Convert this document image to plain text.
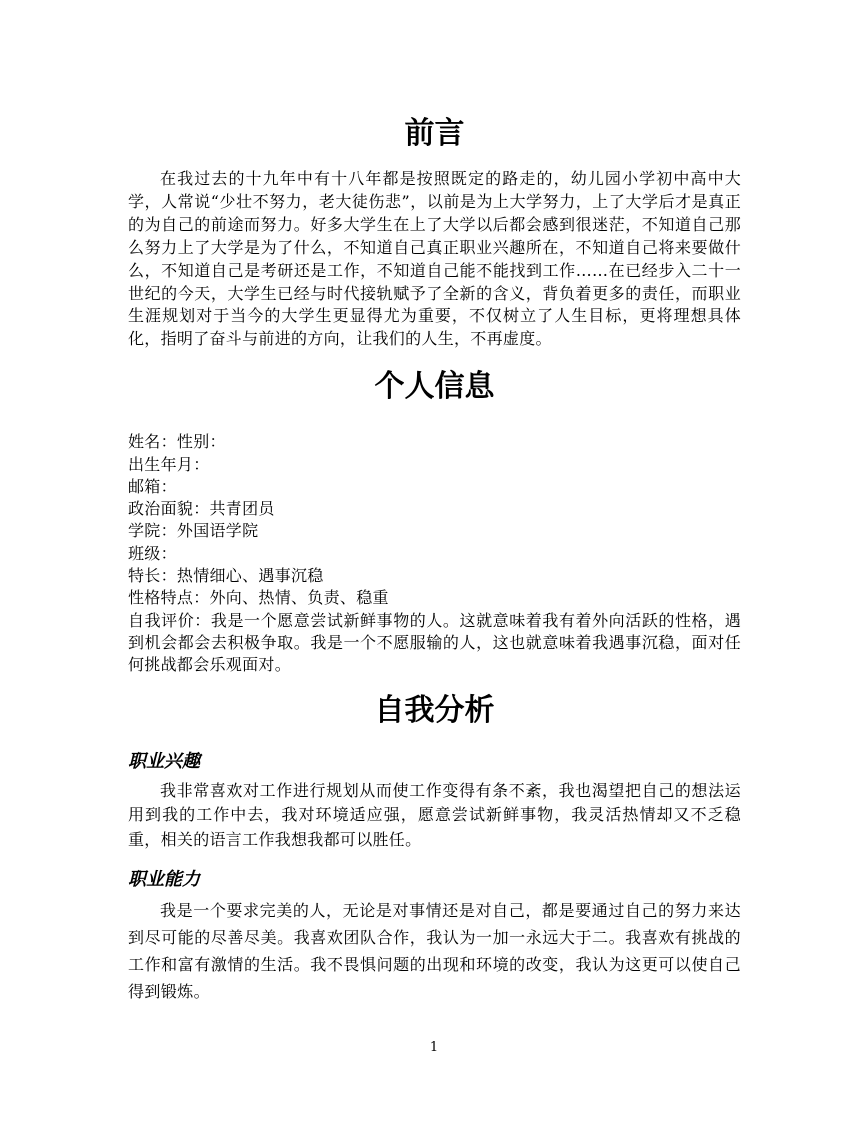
前言

在我过去的十九年中有十八年都是按照既定的路走的，幼儿园小学初中高中大学，人常说“少壮不努力，老大徒伤悲”，以前是为上大学努力，上了大学后才是真正的为自己的前途而努力。好多大学生在上了大学以后都会感到很迷茫，不知道自己那么努力上了大学是为了什么，不知道自己真正职业兴趣所在，不知道自己将来要做什么，不知道自己是考研还是工作，不知道自己能不能找到工作……在已经步入二十一世纪的今天，大学生已经与时代接轨赋予了全新的含义，背负着更多的责任，而职业生涯规划对于当今的大学生更显得尤为重要，不仅树立了人生目标，更将理想具体化，指明了奋斗与前进的方向，让我们的人生，不再虚度。

个人信息
姓名：性别：
出生年月：
邮箱：
政治面貌：共青团员
学院：外国语学院
班级：
特长：热情细心、遇事沉稳
性格特点：外向、热情、负责、稳重
自我评价：我是一个愿意尝试新鲜事物的人。这就意味着我有着外向活跃的性格，遇到机会都会去积极争取。我是一个不愿服输的人，这也就意味着我遇事沉稳，面对任何挑战都会乐观面对。
自我分析
职业兴趣

我非常喜欢对工作进行规划从而使工作变得有条不紊，我也渴望把自己的想法运用到我的工作中去，我对环境适应强，愿意尝试新鲜事物，我灵活热情却又不乏稳重，相关的语言工作我想我都可以胜任。

职业能力

我是一个要求完美的人，无论是对事情还是对自己，都是要通过自己的努力来达到尽可能的尽善尽美。我喜欢团队合作，我认为一加一永远大于二。我喜欢有挑战的工作和富有激情的生活。我不畏惧问题的出现和环境的改变，我认为这更可以使自己得到锻炼。

1
